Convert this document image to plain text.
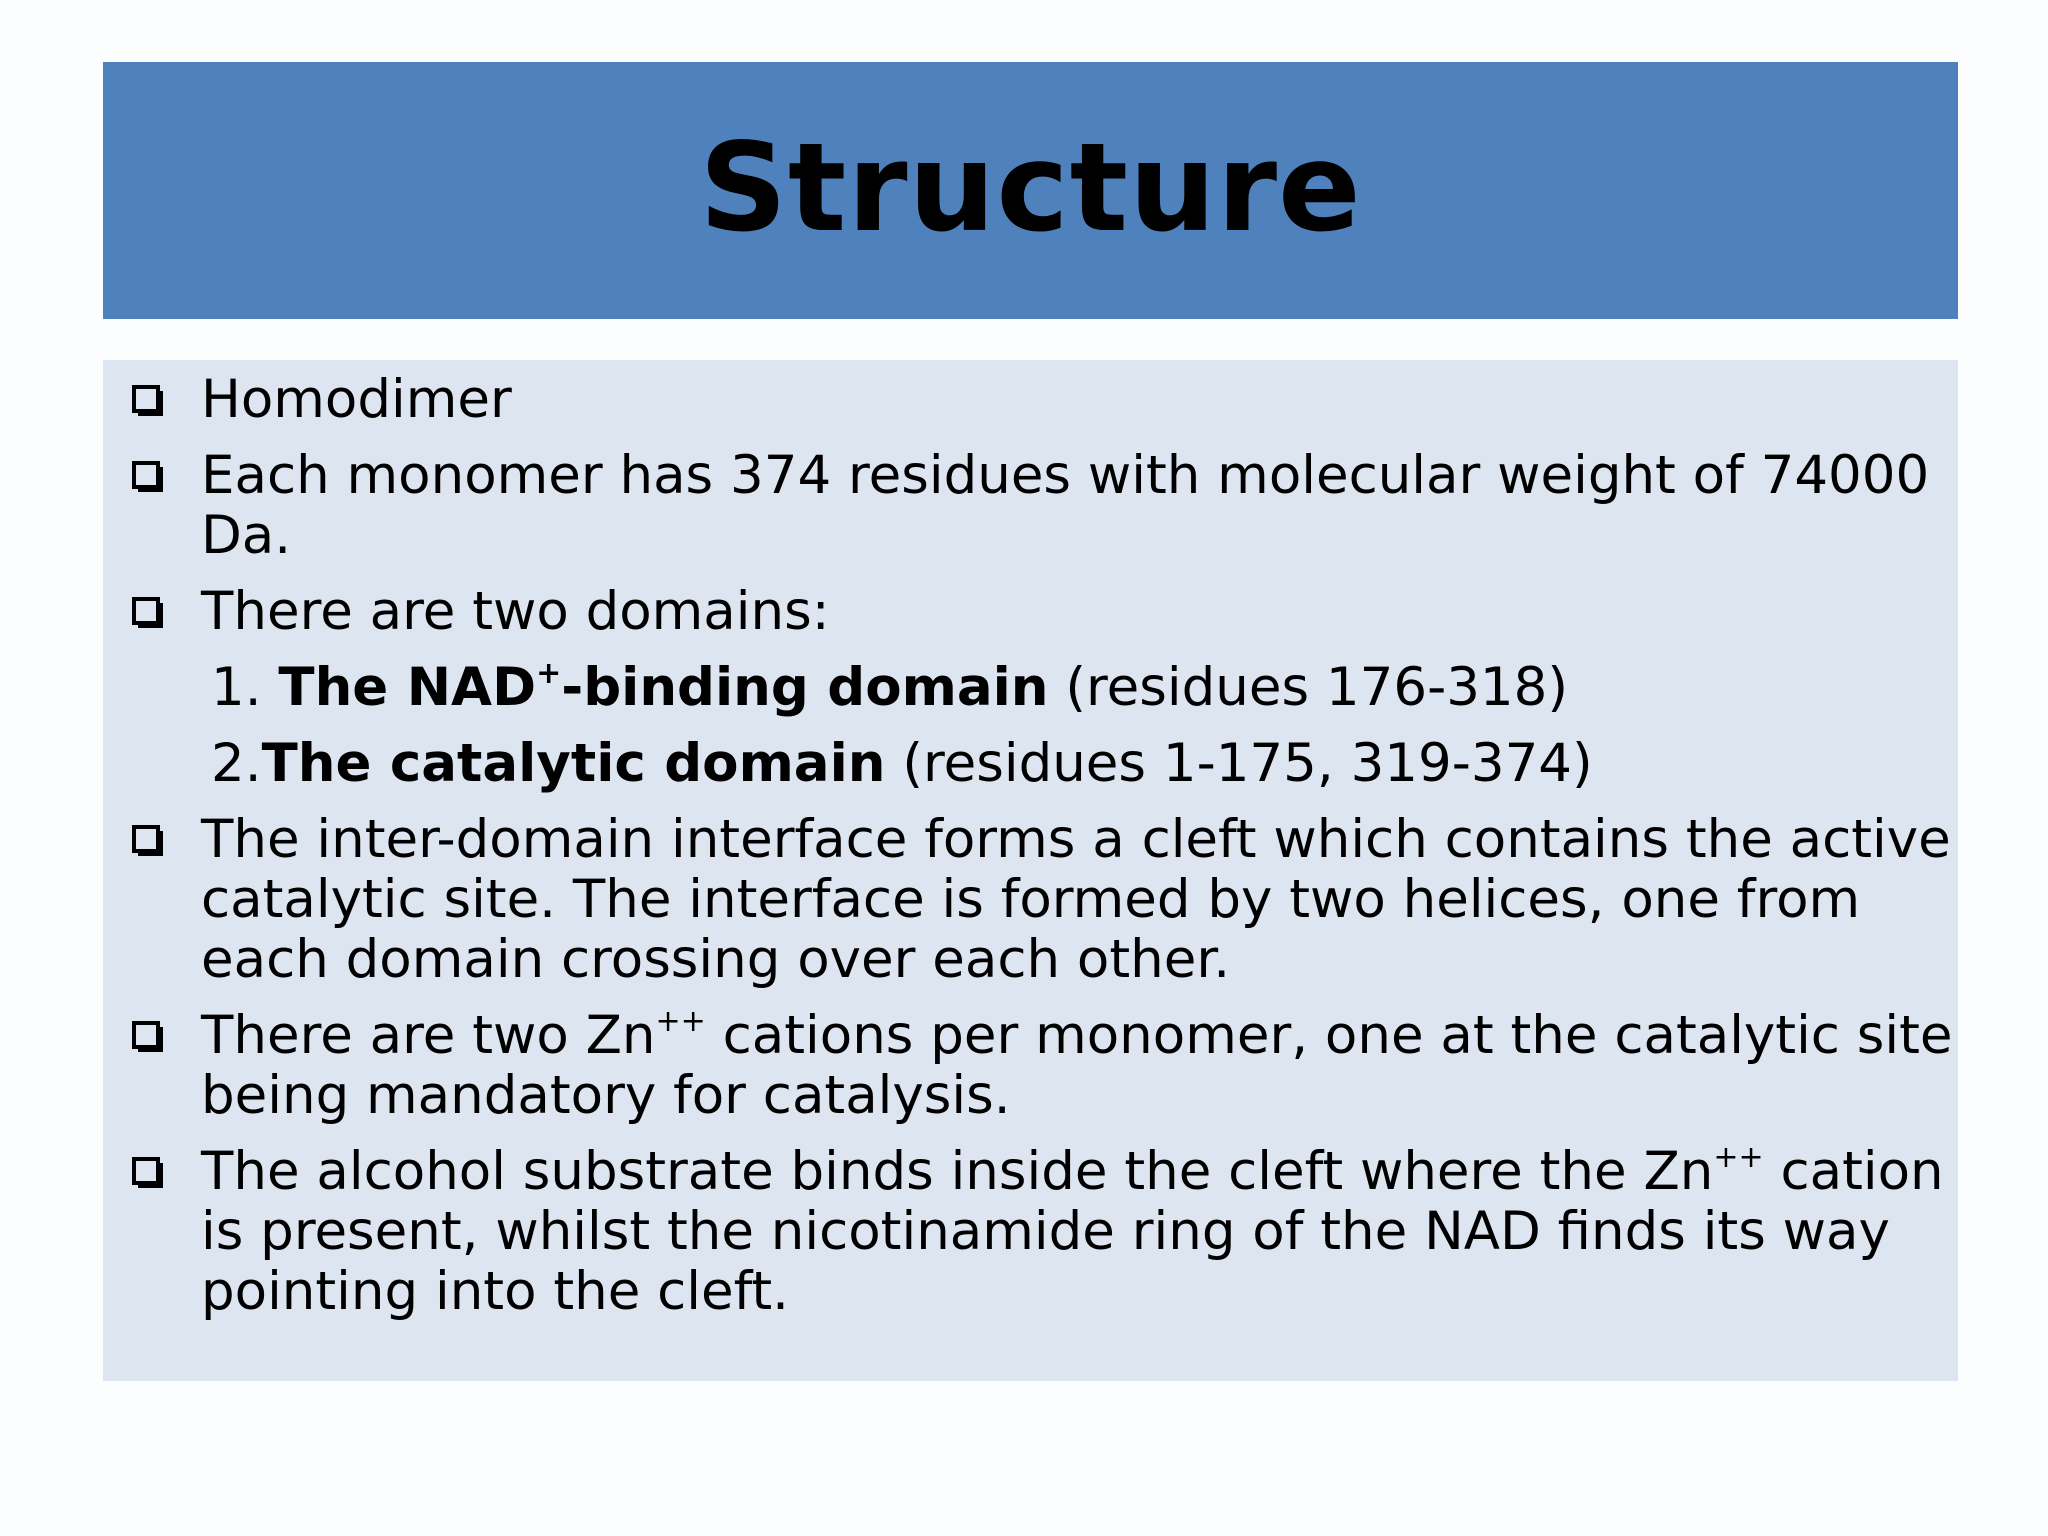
Structure
Homodimer
Each monomer has 374 residues with molecular weight of 74000 Da.
There are two domains:
1. The NAD+-binding domain (residues 176-318)
2.The catalytic domain (residues 1-175, 319-374)
The inter-domain interface forms a cleft which contains the active catalytic site. The interface is formed by two helices, one from each domain crossing over each other.
There are two Zn++ cations per monomer, one at the catalytic site being mandatory for catalysis.
The alcohol substrate binds inside the cleft where the Zn++ cation is present, whilst the nicotinamide ring of the NAD finds its way pointing into the cleft.
